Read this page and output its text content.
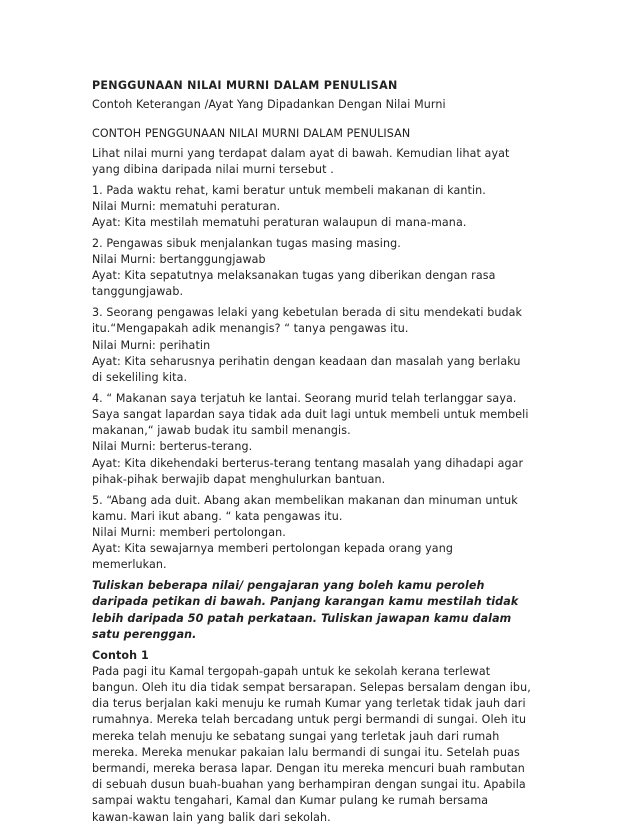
PENGGUNAAN NILAI MURNI DALAM PENULISAN
Contoh Keterangan /Ayat Yang Dipadankan Dengan Nilai Murni
CONTOH PENGGUNAAN NILAI MURNI DALAM PENULISAN
Lihat nilai murni yang terdapat dalam ayat di bawah. Kemudian lihat ayat
yang dibina daripada nilai murni tersebut .
1. Pada waktu rehat, kami beratur untuk membeli makanan di kantin.
Nilai Murni: mematuhi peraturan.
Ayat: Kita mestilah mematuhi peraturan walaupun di mana-mana.
2. Pengawas sibuk menjalankan tugas masing masing.
Nilai Murni: bertanggungjawab
Ayat: Kita sepatutnya melaksanakan tugas yang diberikan dengan rasa
tanggungjawab.
3. Seorang pengawas lelaki yang kebetulan berada di situ mendekati budak
itu.“Mengapakah adik menangis? “ tanya pengawas itu.
Nilai Murni: perihatin
Ayat: Kita seharusnya perihatin dengan keadaan dan masalah yang berlaku
di sekeliling kita.
4. “ Makanan saya terjatuh ke lantai. Seorang murid telah terlanggar saya.
Saya sangat lapardan saya tidak ada duit lagi untuk membeli untuk membeli
makanan,“ jawab budak itu sambil menangis.
Nilai Murni: berterus-terang.
Ayat: Kita dikehendaki berterus-terang tentang masalah yang dihadapi agar
pihak-pihak berwajib dapat menghulurkan bantuan.
5. “Abang ada duit. Abang akan membelikan makanan dan minuman untuk
kamu. Mari ikut abang. “ kata pengawas itu.
Nilai Murni: memberi pertolongan.
Ayat: Kita sewajarnya memberi pertolongan kepada orang yang
memerlukan.
Tuliskan beberapa nilai/ pengajaran yang boleh kamu peroleh
daripada petikan di bawah. Panjang karangan kamu mestilah tidak
lebih daripada 50 patah perkataan. Tuliskan jawapan kamu dalam
satu perenggan.
Contoh 1
Pada pagi itu Kamal tergopah-gapah untuk ke sekolah kerana terlewat
bangun. Oleh itu dia tidak sempat bersarapan. Selepas bersalam dengan ibu,
dia terus berjalan kaki menuju ke rumah Kumar yang terletak tidak jauh dari
rumahnya. Mereka telah bercadang untuk pergi bermandi di sungai. Oleh itu
mereka telah menuju ke sebatang sungai yang terletak jauh dari rumah
mereka. Mereka menukar pakaian lalu bermandi di sungai itu. Setelah puas
bermandi, mereka berasa lapar. Dengan itu mereka mencuri buah rambutan
di sebuah dusun buah-buahan yang berhampiran dengan sungai itu. Apabila
sampai waktu tengahari, Kamal dan Kumar pulang ke rumah bersama
kawan-kawan lain yang balik dari sekolah.
